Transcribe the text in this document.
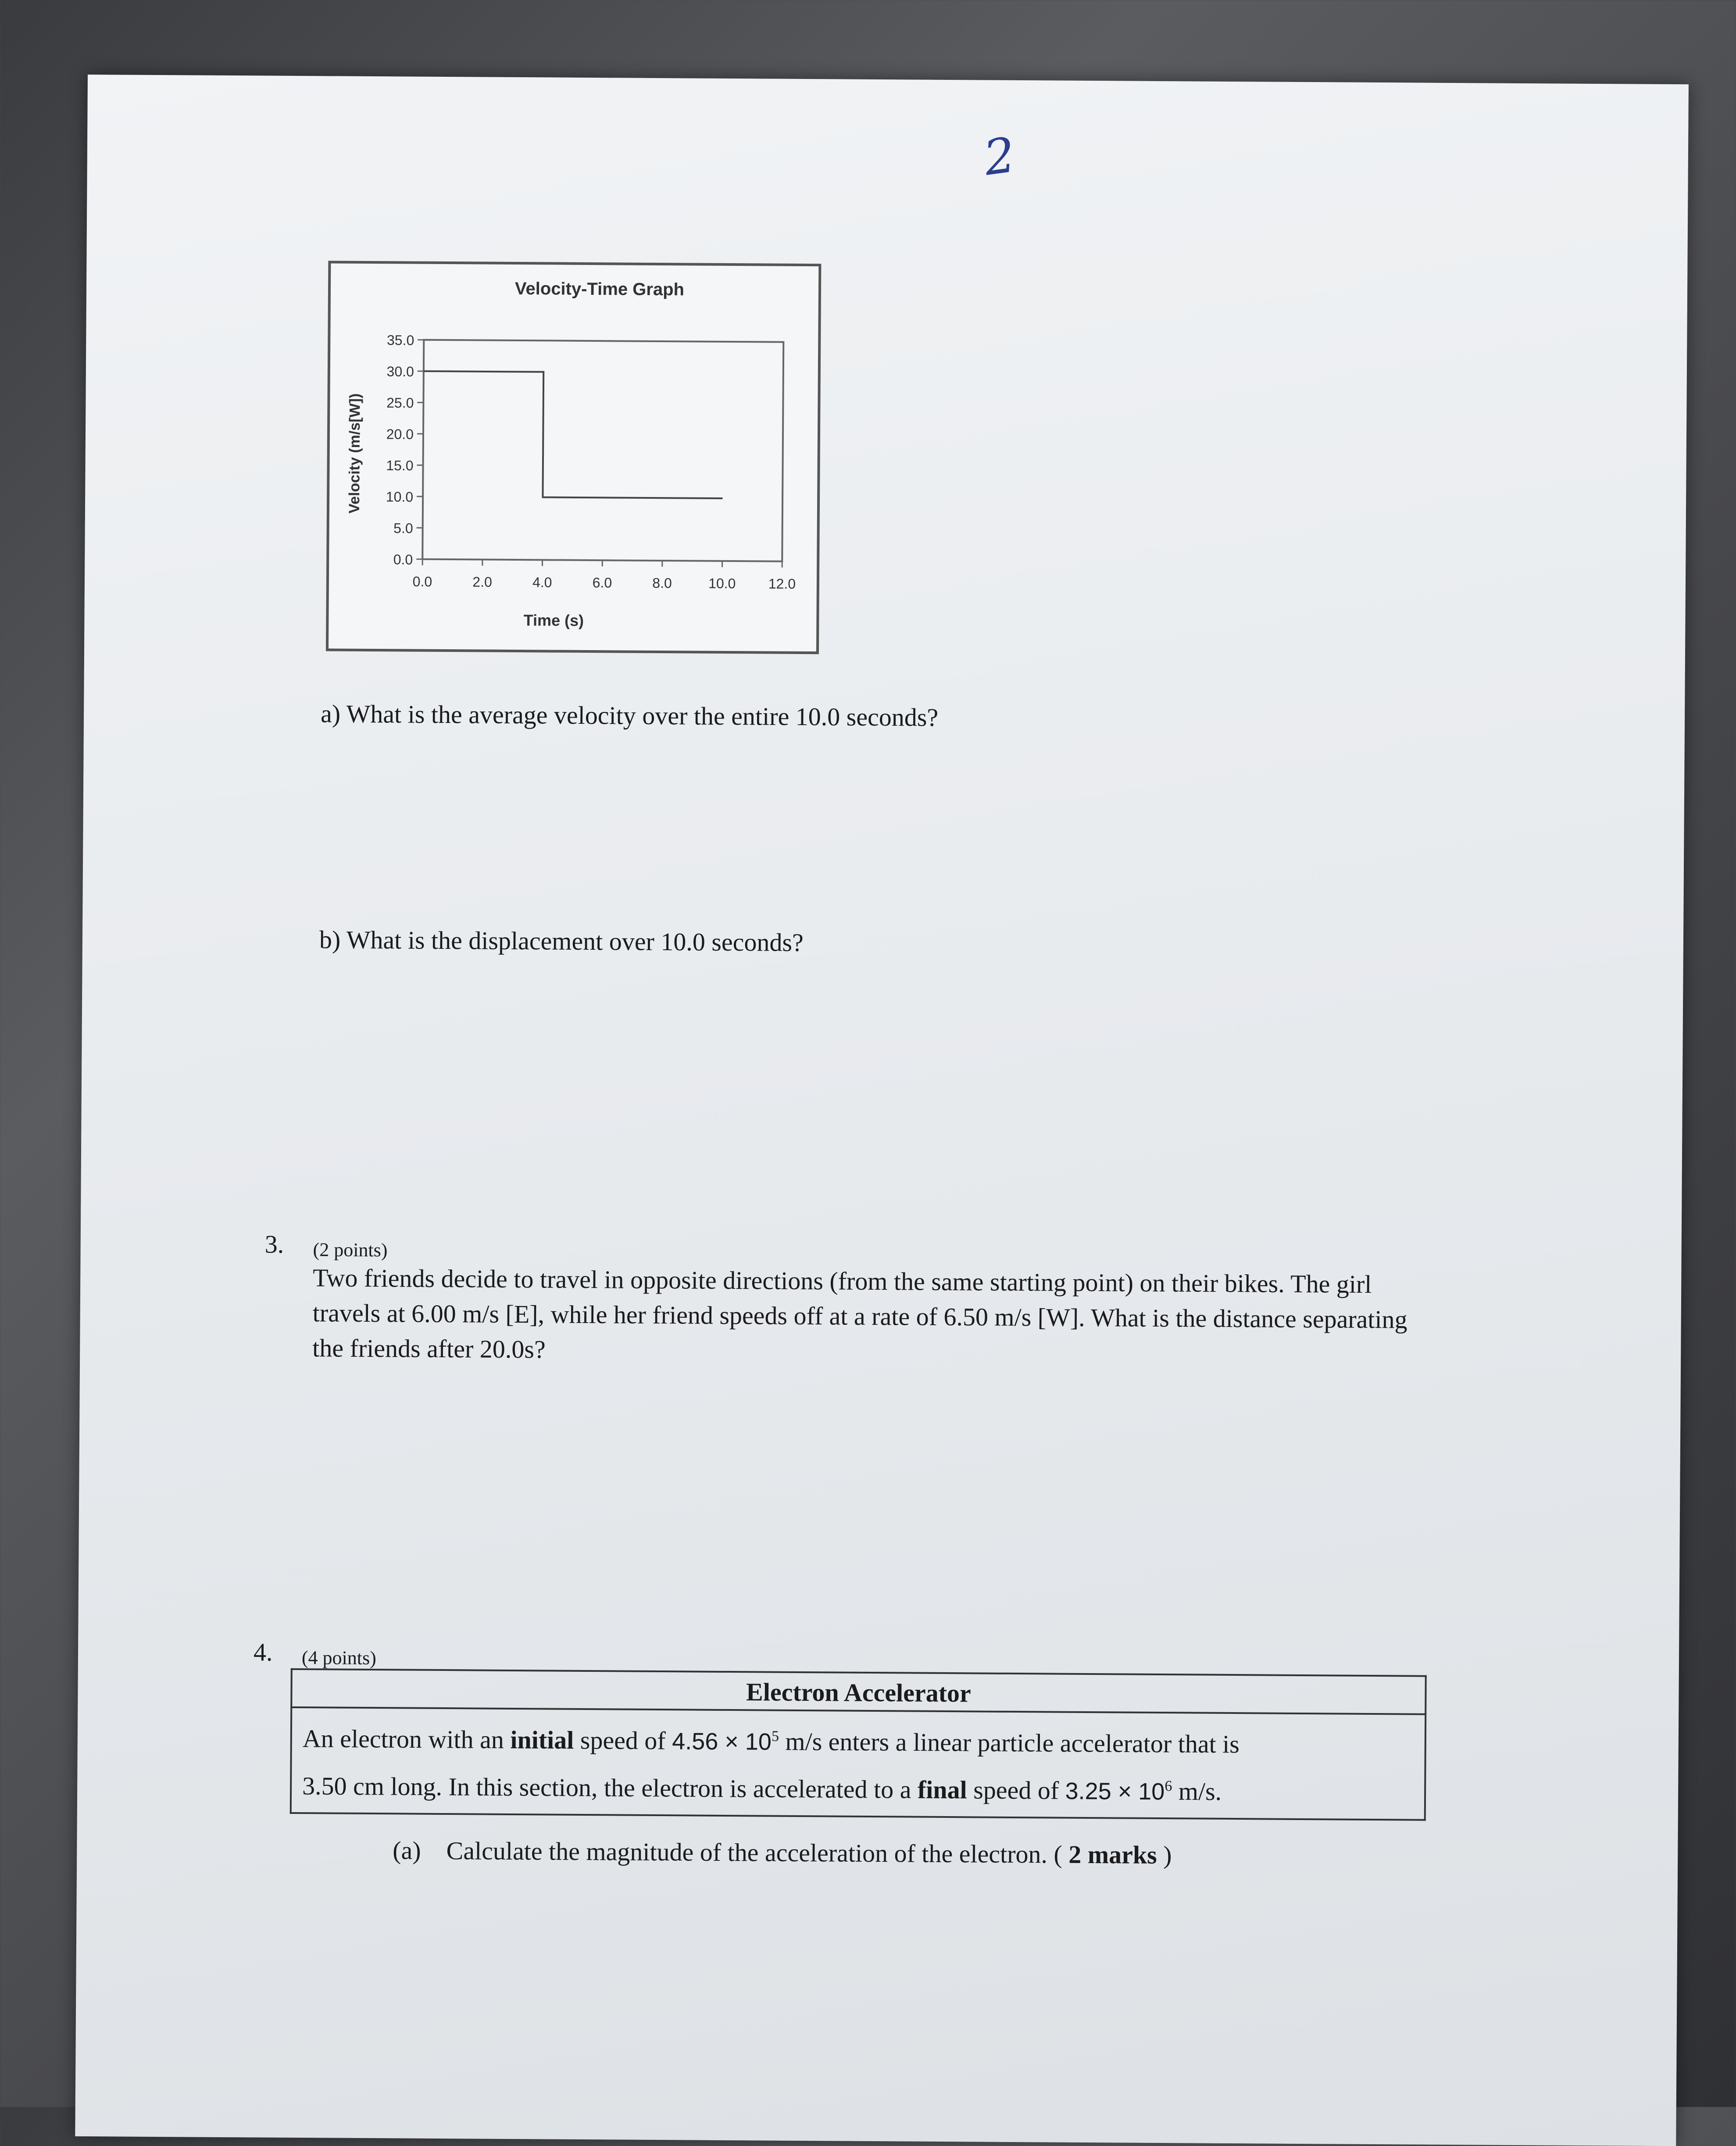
2
Velocity-Time Graph
35.0
30.0
25.0
20.0
15.0
10.0
5.0
0.0
0.0	2.0	4.0	6.0	8.0	10.0 12.0
Time (s)
Velocity (m/s[W])
a) What is the average velocity over the entire 10.0 seconds?
b) What is the displacement over 10.0 seconds?
3. (2 points)
Two friends decide to travel in opposite directions (from the same starting point) on their bikes. The girl
travels at 6.00 m/s [E], while her friend speeds off at a rate of 6.50 m/s [W]. What is the distance separating
the friends after 20.0s?
4. (4 points)
Electron Accelerator

An electron with an initial speed of $4.56 \times 10^5$ m/s enters a linear particle accelerator that is
3.50 cm long. In this section, the electron is accelerated to a final speed of $3.25 \times 10^6$ m/s.
(a) Calculate the magnitude of the acceleration of the electron. ( 2 marks )
